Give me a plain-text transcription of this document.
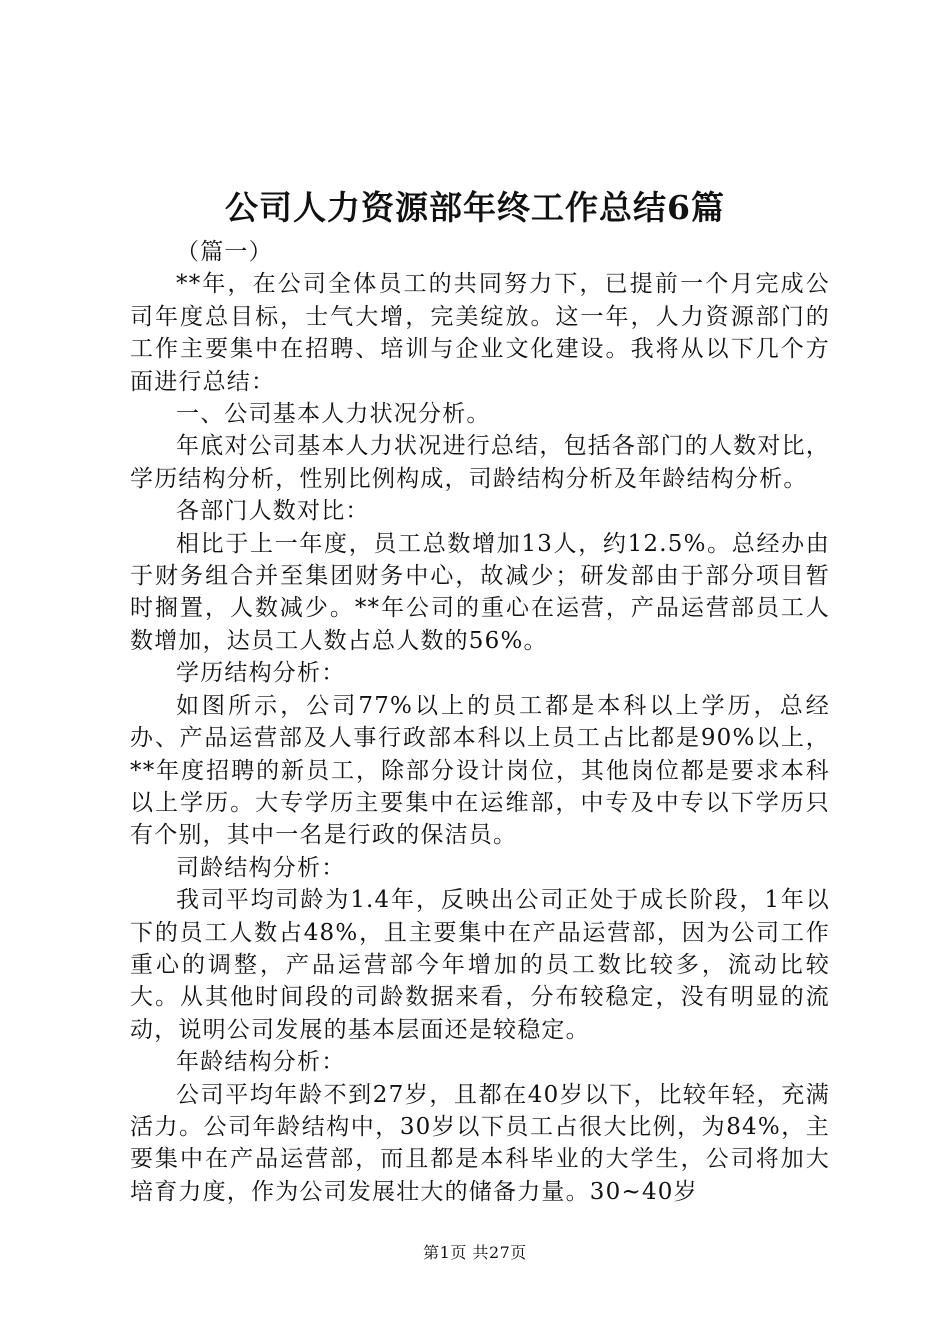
公司人力资源部年终工作总结6篇

（篇一）

**年，在公司全体员工的共同努力下，已提前一个月完成公司年度总目标，士气大增，完美绽放。这一年，人力资源部门的工作主要集中在招聘、培训与企业文化建设。我将从以下几个方面进行总结：

一、公司基本人力状况分析。

年底对公司基本人力状况进行总结，包括各部门的人数对比，学历结构分析，性别比例构成，司龄结构分析及年龄结构分析。

各部门人数对比：

相比于上一年度，员工总数增加13人，约12.5%。总经办由于财务组合并至集团财务中心，故减少；研发部由于部分项目暂时搁置，人数减少。**年公司的重心在运营，产品运营部员工人数增加，达员工人数占总人数的56%。

学历结构分析：

如图所示，公司77%以上的员工都是本科以上学历，总经办、产品运营部及人事行政部本科以上员工占比都是90%以上，**年度招聘的新员工，除部分设计岗位，其他岗位都是要求本科以上学历。大专学历主要集中在运维部，中专及中专以下学历只有个别，其中一名是行政的保洁员。

司龄结构分析：

我司平均司龄为1.4年，反映出公司正处于成长阶段，1年以下的员工人数占48%，且主要集中在产品运营部，因为公司工作重心的调整，产品运营部今年增加的员工数比较多，流动比较大。从其他时间段的司龄数据来看，分布较稳定，没有明显的流动，说明公司发展的基本层面还是较稳定。

年龄结构分析：

公司平均年龄不到27岁，且都在40岁以下，比较年轻，充满活力。公司年龄结构中，30岁以下员工占很大比例，为84%，主要集中在产品运营部，而且都是本科毕业的大学生，公司将加大培育力度，作为公司发展壮大的储备力量。30~40岁

第1页 共27页
